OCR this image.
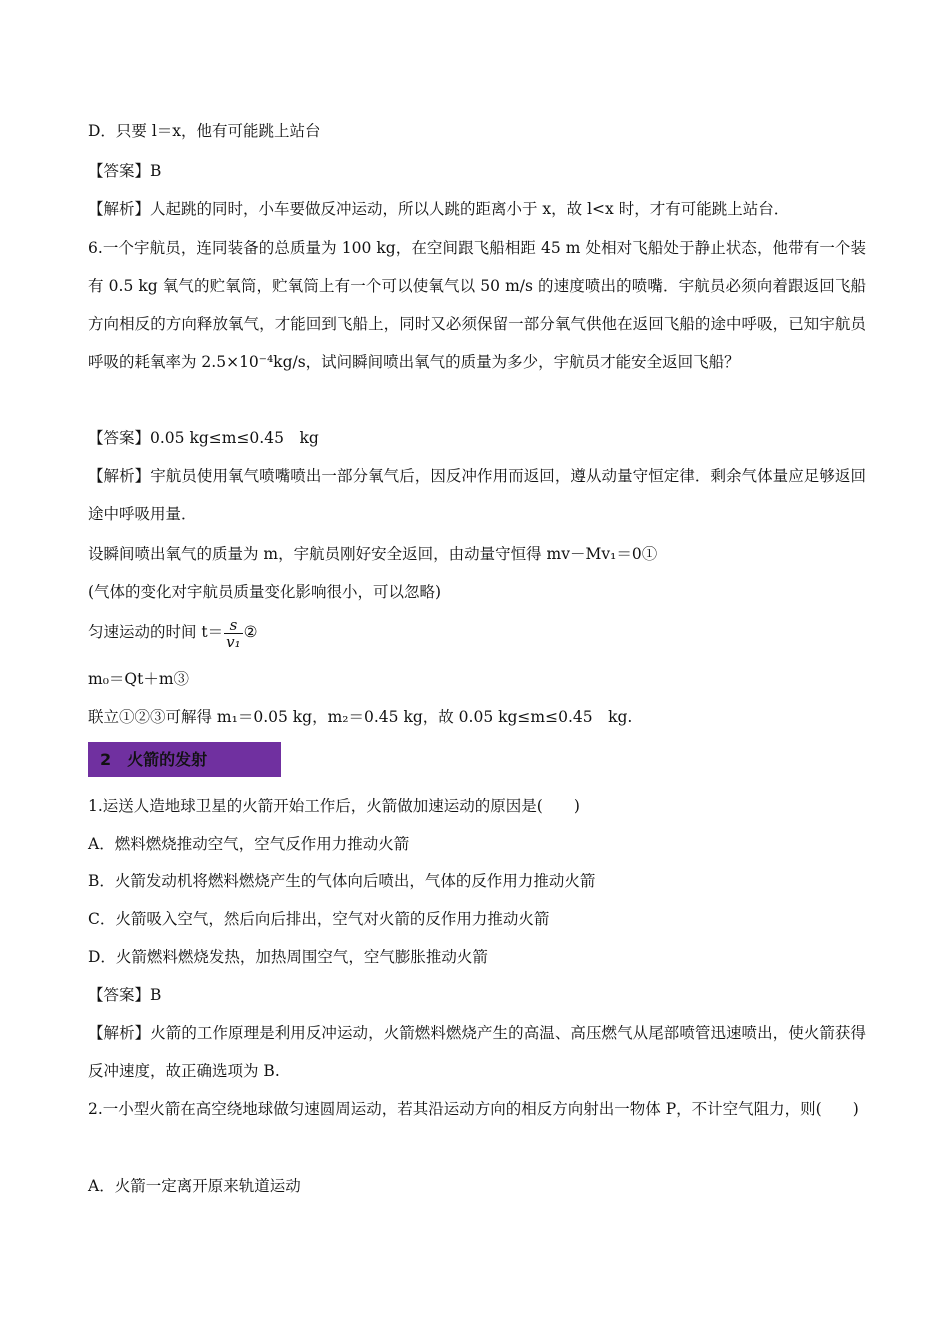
D．只要 l＝x，他有可能跳上站台
【答案】B
【解析】人起跳的同时，小车要做反冲运动，所以人跳的距离小于 x，故 l<x 时，才有可能跳上站台．
6.一个宇航员，连同装备的总质量为 100 kg，在空间跟飞船相距 45 m 处相对飞船处于静止状态，他带有一个装有 0.5 kg 氧气的贮氧筒，贮氧筒上有一个可以使氧气以 50 m/s 的速度喷出的喷嘴．宇航员必须向着跟返回飞船方向相反的方向释放氧气，才能回到飞船上，同时又必须保留一部分氧气供他在返回飞船的途中呼吸，已知宇航员呼吸的耗氧率为 2.5×10⁻⁴kg/s，试问瞬间喷出氧气的质量为多少，宇航员才能安全返回飞船？
【答案】0.05 kg≤m≤0.45　kg
【解析】宇航员使用氧气喷嘴喷出一部分氧气后，因反冲作用而返回，遵从动量守恒定律．剩余气体量应足够返回途中呼吸用量．
设瞬间喷出氧气的质量为 m，宇航员刚好安全返回，由动量守恒得 mv－Mv₁＝0①
(气体的变化对宇航员质量变化影响很小，可以忽略)
匀速运动的时间 $t= \frac{s}{\text{v₁}}$ ②
m₀＝Qt＋m③
联立①②③可解得 m₁＝0.05 kg，m₂＝0.45 kg，故 0.05 kg≤m≤0.45　kg.
2　火箭的发射
1.运送人造地球卫星的火箭开始工作后，火箭做加速运动的原因是(　　)
A．燃料燃烧推动空气，空气反作用力推动火箭
B．火箭发动机将燃料燃烧产生的气体向后喷出，气体的反作用力推动火箭
C．火箭吸入空气，然后向后排出，空气对火箭的反作用力推动火箭
D．火箭燃料燃烧发热，加热周围空气，空气膨胀推动火箭
【答案】B
【解析】火箭的工作原理是利用反冲运动，火箭燃料燃烧产生的高温、高压燃气从尾部喷管迅速喷出，使火箭获得反冲速度，故正确选项为 B.
2.一小型火箭在高空绕地球做匀速圆周运动，若其沿运动方向的相反方向射出一物体 P，不计空气阻力，则(　　)
A．火箭一定离开原来轨道运动
